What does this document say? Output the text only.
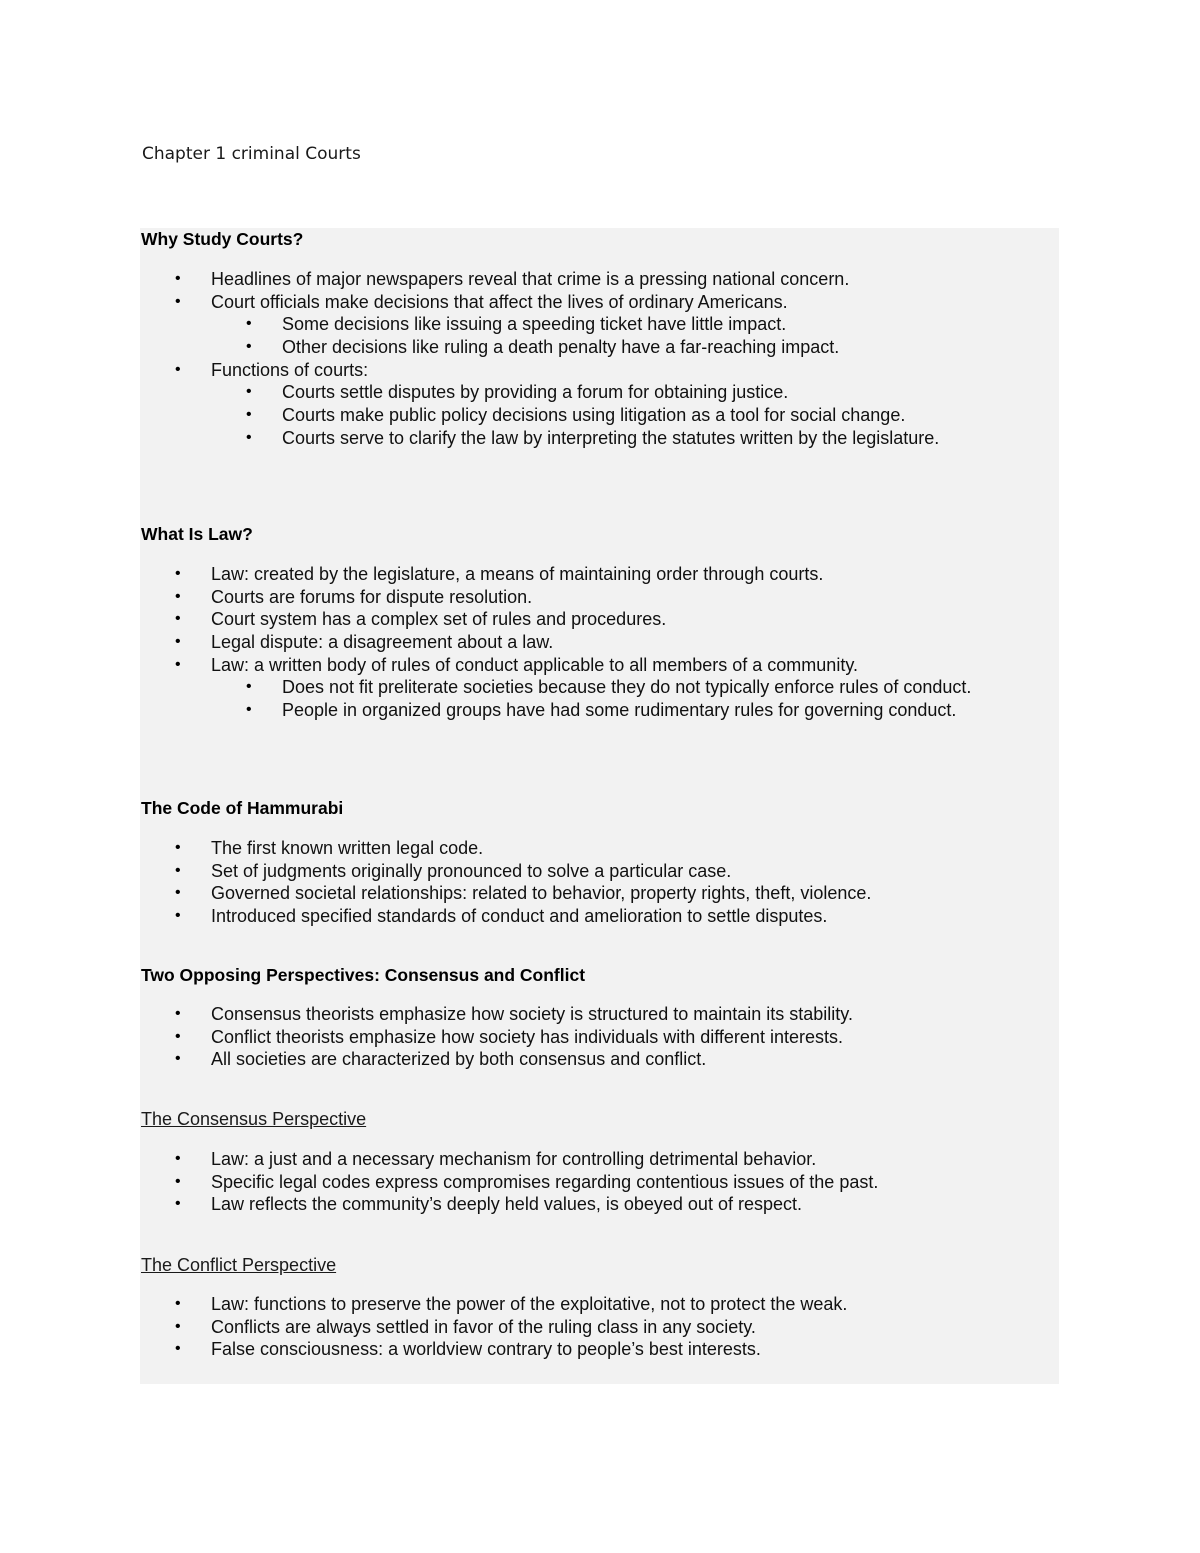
Chapter 1 criminal Courts
Why Study Courts?
• Headlines of major newspapers reveal that crime is a pressing national concern.
• Court officials make decisions that affect the lives of ordinary Americans.
• Some decisions like issuing a speeding ticket have little impact.
• Other decisions like ruling a death penalty have a far-reaching impact.
• Functions of courts:
• Courts settle disputes by providing a forum for obtaining justice.
• Courts make public policy decisions using litigation as a tool for social change.
• Courts serve to clarify the law by interpreting the statutes written by the legislature.
What Is Law?
• Law: created by the legislature, a means of maintaining order through courts.
• Courts are forums for dispute resolution.
• Court system has a complex set of rules and procedures.
• Legal dispute: a disagreement about a law.
• Law: a written body of rules of conduct applicable to all members of a community.
• Does not fit preliterate societies because they do not typically enforce rules of conduct.
• People in organized groups have had some rudimentary rules for governing conduct.
The Code of Hammurabi
• The first known written legal code.
• Set of judgments originally pronounced to solve a particular case.
• Governed societal relationships: related to behavior, property rights, theft, violence.
• Introduced specified standards of conduct and amelioration to settle disputes.
Two Opposing Perspectives: Consensus and Conflict
• Consensus theorists emphasize how society is structured to maintain its stability.
• Conflict theorists emphasize how society has individuals with different interests.
• All societies are characterized by both consensus and conflict.
The Consensus Perspective
• Law: a just and a necessary mechanism for controlling detrimental behavior.
• Specific legal codes express compromises regarding contentious issues of the past.
• Law reflects the community’s deeply held values, is obeyed out of respect.
The Conflict Perspective
• Law: functions to preserve the power of the exploitative, not to protect the weak.
• Conflicts are always settled in favor of the ruling class in any society.
• False consciousness: a worldview contrary to people’s best interests.
